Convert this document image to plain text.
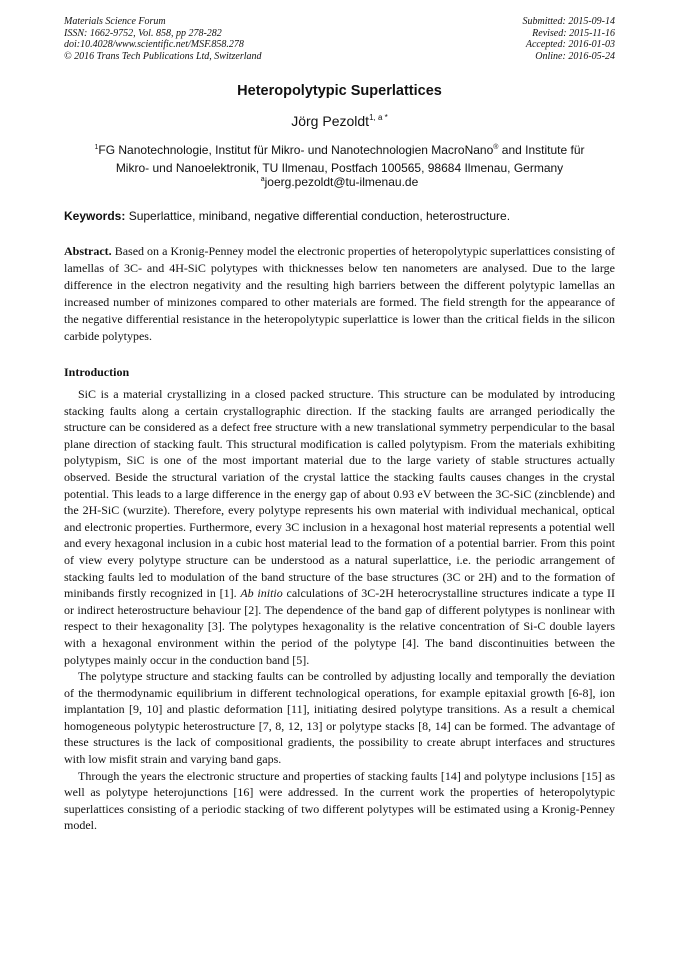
Materials Science Forum
ISSN: 1662-9752, Vol. 858, pp 278-282
doi:10.4028/www.scientific.net/MSF.858.278
© 2016 Trans Tech Publications Ltd, Switzerland
Submitted: 2015-09-14
Revised: 2015-11-16
Accepted: 2016-01-03
Online: 2016-05-24
Heteropolytypic Superlattices
Jörg Pezoldt$^{1, a *}$
$^1$FG Nanotechnologie, Institut für Mikro- und Nanotechnologien MacroNano® and Institute für
Mikro- und Nanoelektronik, TU Ilmenau, Postfach 100565, 98684 Ilmenau, Germany
$^a$joerg.pezoldt@tu-ilmenau.de
Keywords: Superlattice, miniband, negative differential conduction, heterostructure.
Abstract. Based on a Kronig-Penney model the electronic properties of heteropolytypic superlattices consisting of lamellas of 3C- and 4H-SiC polytypes with thicknesses below ten nanometers are analysed. Due to the large difference in the electron negativity and the resulting high barriers between the different polytypic lamellas an increased number of minizones compared to other materials are formed. The field strength for the appearance of the negative differential resistance in the heteropolytypic superlattice is lower than the critical fields in the silicon carbide polytypes.
Introduction

SiC is a material crystallizing in a closed packed structure. This structure can be modulated by introducing stacking faults along a certain crystallographic direction. If the stacking faults are arranged periodically the structure can be considered as a defect free structure with a new translational symmetry perpendicular to the basal plane direction of stacking fault. This structural modification is called polytypism. From the materials exhibiting polytypism, SiC is one of the most important material due to the large variety of stable structures actually observed. Beside the structural variation of the crystal lattice the stacking faults causes changes in the crystal potential. This leads to a large difference in the energy gap of about 0.93 eV between the 3C-SiC (zincblende) and the 2H-SiC (wurzite). Therefore, every polytype represents his own material with individual mechanical, optical and electronic properties. Furthermore, every 3C inclusion in a hexagonal host material represents a potential well and every hexagonal inclusion in a cubic host material lead to the formation of a potential barrier. From this point of view every polytype structure can be understood as a natural superlattice, i.e. the periodic arrangement of stacking faults led to modulation of the band structure of the base structures (3C or 2H) and to the formation of minibands firstly recognized in [1]. Ab initio calculations of 3C-2H heterocrystalline structures indicate a type II or indirect heterostructure behaviour [2]. The dependence of the band gap of different polytypes is nonlinear with respect to their hexagonality [3]. The polytypes hexagonality is the relative concentration of Si-C double layers with a hexagonal environment within the period of the polytype [4]. The band discontinuities between the polytypes mainly occur in the conduction band [5].

The polytype structure and stacking faults can be controlled by adjusting locally and temporally the deviation of the thermodynamic equilibrium in different technological operations, for example epitaxial growth [6-8], ion implantation [9, 10] and plastic deformation [11], initiating desired polytype transitions. As a result a chemical homogeneous polytypic heterostructure [7, 8, 12, 13] or polytype stacks [8, 14] can be formed. The advantage of these structures is the lack of compositional gradients, the possibility to create abrupt interfaces and structures with low misfit strain and varying band gaps.

Through the years the electronic structure and properties of stacking faults [14] and polytype inclusions [15] as well as polytype heterojunctions [16] were addressed. In the current work the properties of heteropolytypic superlattices consisting of a periodic stacking of two different polytypes will be estimated using a Kronig-Penney model.
